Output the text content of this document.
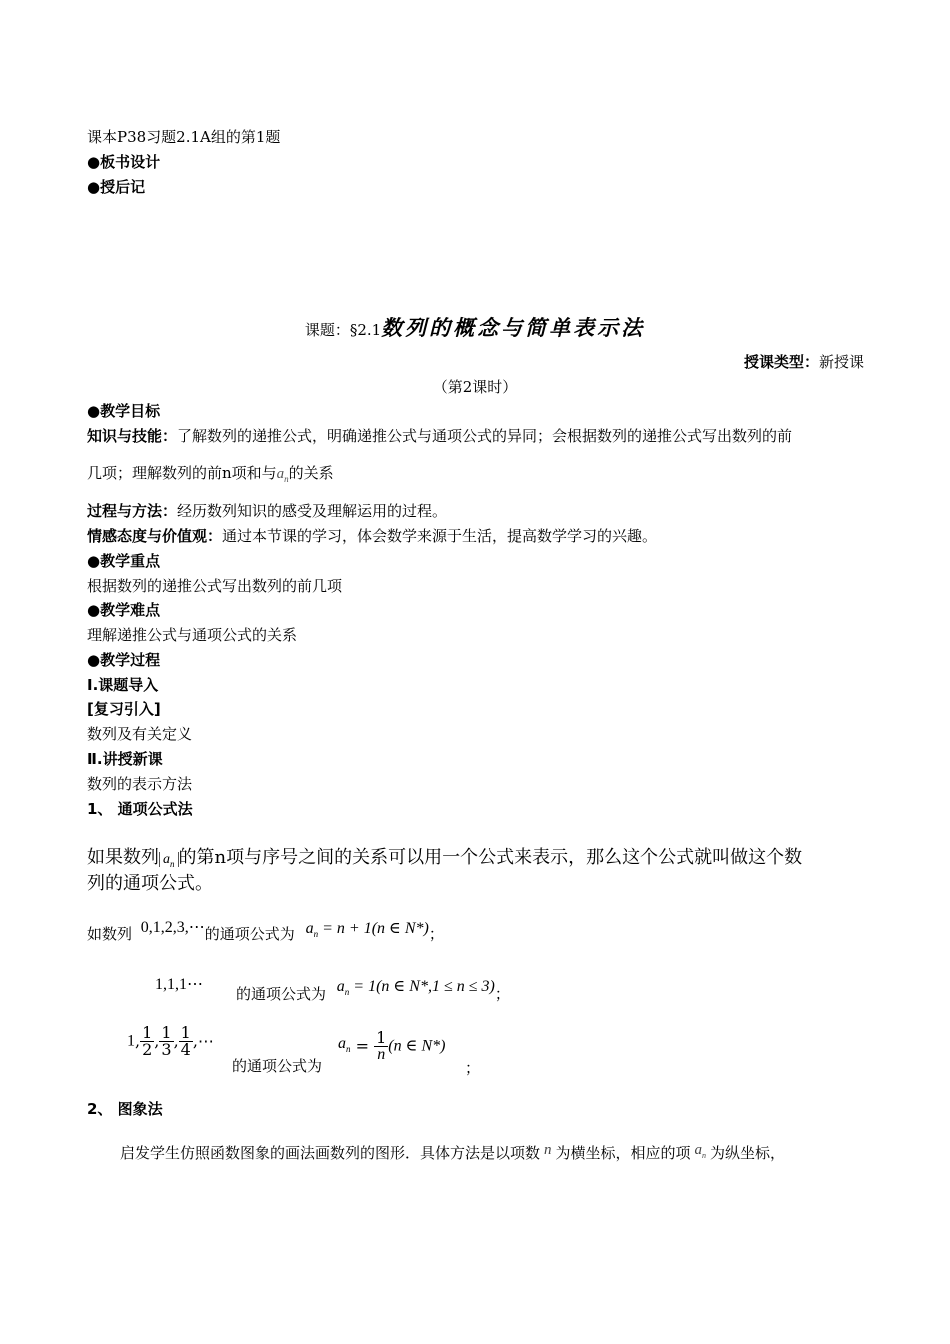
课本P38习题2.1A组的第1题
●板书设计
●授后记
课题：§2.1数列的概念与简单表示法
授课类型：新授课
（第2课时）
●教学目标
知识与技能：了解数列的递推公式，明确递推公式与通项公式的异同；会根据数列的递推公式写出数列的前
几项；理解数列的前n项和与$a_n$的关系
过程与方法：经历数列知识的感受及理解运用的过程。
情感态度与价值观：通过本节课的学习，体会数学来源于生活，提高数学学习的兴趣。
●教学重点
根据数列的递推公式写出数列的前几项
●教学难点
理解递推公式与通项公式的关系
●教学过程
Ⅰ.课题导入
[复习引入]
数列及有关定义
Ⅱ.讲授新课
数列的表示方法
1、 通项公式法
如果数列 $a_n$ 的第n项与序号之间的关系可以用一个公式来表示，那么这个公式就叫做这个数
列的通项公式。
如数列 0,1,2,3,⋯的通项公式为 $a_n = n + 1(n$ ∈ N*)；
1,1,1⋯
的通项公式为 $a_n = 1(n$ ∈ N*,1 ≤ n ≤ 3)；
1, $\frac{1}{2}$ , $\frac{1}{3}$ , $\frac{1}{4}$ ,⋯
的通项公式为
$a_n = \frac{1}{n} (n$ ∈ N*)
；
2、 图象法
启发学生仿照函数图象的画法画数列的图形．具体方法是以项数 n 为横坐标，相应的项 $a_n$ 为纵坐标，
